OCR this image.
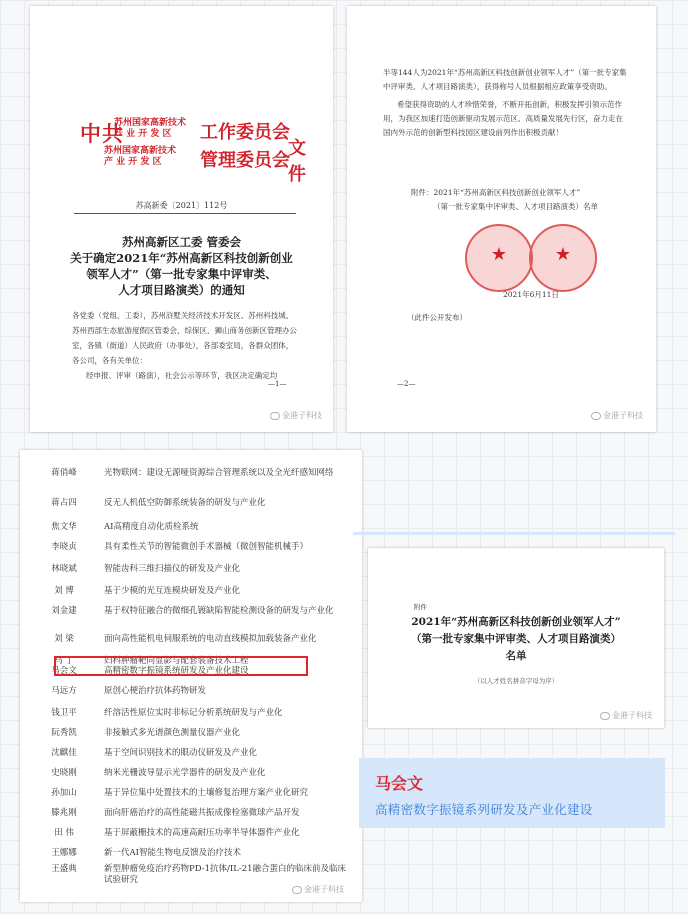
中共
苏州国家高新技术
产 业 开 发 区 工作委员会
苏州国家高新技术
产 业 开 发 区 管理委员会
文件
苏高新委〔2021〕112号
苏州高新区工委 管委会
关于确定2021年“苏州高新区科技创新创业
领军人才”（第一批专家集中评审类、
人才项目路演类）的通知
各党委（党组、工委），苏州浒墅关经济技术开发区、苏州科技城、苏州西部生态旅游度假区管委会，综保区、狮山商务创新区管理办公室，各镇（街道）人民政府（办事处），各部委室局，各群众团体，各公司，各有关单位：
经申报、评审（路演），社会公示等环节，我区决定确定均
—1—
金港子科技

半等144人为2021年“苏州高新区科技创新创业领军人才”（第一批专家集中评审类、人才项目路演类），获得称号人员根据相应政策享受资助。

希望获得资助的人才珍惜荣誉，不断开拓创新，积极发挥引领示范作用，为我区加速打造创新驱动发展示范区、高质量发展先行区，奋力走在国内外示范的创新型科技园区建设前列作出积极贡献！

附件：2021年“苏州高新区科技创新创业领军人才”
（第一批专家集中评审类、人才项目路演类）名单
★	★
2021年6月11日
（此件公开发布）
—2—
金港子科技
蒋俏峰	光物联网：建设无源哑资源综合管理系统以及全光纤感知网络
蒋占四	反无人机低空防御系统装备的研发与产业化
焦文华	AI高精度自动化质检系统
李晓贞	具有柔性关节的智能微创手术器械（微创智能机械手）
林晓斌	智能齿科三维扫描仪的研发及产业化
刘 博	基于少模的光互连模块研发及产业化
刘金建	基于权特征融合的微细孔镀缺陷智能检测设备的研发与产业化
刘 梁	面向高性能机电伺服系统的电动直线模拟加载装备产业化
马 丁	妇科肿瘤靶向显影与配套装备技术工程
马会文	高精密数字振镜系统研发及产业化建设
马远方	原创心梗治疗抗体药物研发
钱卫平	纤溶活性原位实时非标记分析系统研发与产业化
阮秀凯	非接触式多光谱颜色测量仪器产业化
沈麒佳	基于空间识别技术的眼动仪研发及产业化
史晓刚	纳米光栅波导显示光学器件的研发及产业化
孙加山	基于异位集中处置技术的土壤修复治理方案产业化研究
滕兆刚	面向肝癌治疗的高性能磁共振成像栓塞微球产品开发
田 伟	基于屏蔽栅技术的高速高耐压功率半导体器件产业化
王娜娜	新一代AI智能生物电反馈及治疗技术
王盛典	新型肿瘤免疫治疗药物PD-1抗体/IL-21融合蛋白的临床前及临床试验研究
金港子科技
附件
2021年“苏州高新区科技创新创业领军人才”
（第一批专家集中评审类、人才项目路演类）
名单
（以人才姓名拼音字母为序）
金港子科技
马会文
高精密数字振镜系列研发及产业化建设
